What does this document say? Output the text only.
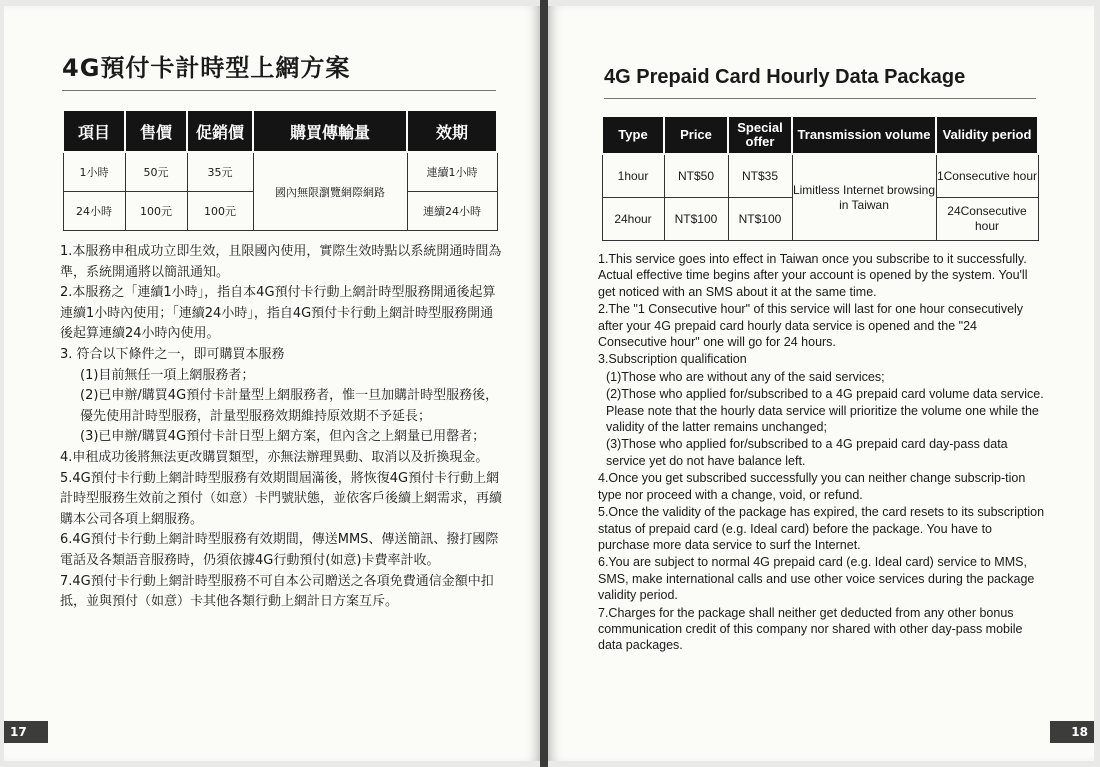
4G預付卡計時型上網方案
項目	售價	促銷價	購買傳輸量	效期
1小時	50元	35元	國內無限瀏覽網際網路	連續1小時
24小時	100元	100元		連續24小時
1.本服務申租成功立即生效，且限國內使用，實際生效時點以系統開通時間為準，系統開通將以簡訊通知。
2.本服務之「連續1小時」，指自本4G預付卡行動上網計時型服務開通後起算連續1小時內使用；「連續24小時」，指自4G預付卡行動上網計時型服務開通後起算連續24小時內使用。
3. 符合以下條件之一，即可購買本服務
(1)目前無任一項上網服務者；
(2)已申辦/購買4G預付卡計量型上網服務者，惟一旦加購計時型服務後，優先使用計時型服務，計量型服務效期維持原效期不予延長；
(3)已申辦/購買4G預付卡計日型上網方案，但內含之上網量已用罄者；
4.申租成功後將無法更改購買類型，亦無法辦理異動、取消以及折換現金。
5.4G預付卡行動上網計時型服務有效期間屆滿後，將恢復4G預付卡行動上網計時型服務生效前之預付（如意）卡門號狀態，並依客戶後續上網需求，再續購本公司各項上網服務。
6.4G預付卡行動上網計時型服務有效期間，傳送MMS、傳送簡訊、撥打國際電話及各類語音服務時，仍須依據4G行動預付(如意)卡費率計收。
7.4G預付卡行動上網計時型服務不可自本公司贈送之各項免費通信金額中扣抵，並與預付（如意）卡其他各類行動上網計日方案互斥。
17
4G Prepaid Card Hourly Data Package
Type	Price	Special offer	Transmission volume	Validity period
1hour	NT$50	NT$35	Limitless Internet browsing in Taiwan	1Consecutive hour
24hour	NT$100	NT$100		24Consecutive hour
1.This service goes into effect in Taiwan once you subscribe to it successfully. Actual effective time begins after your account is opened by the system. You'll get noticed with an SMS about it at the same time.
2.The "1 Consecutive hour" of this service will last for one hour consecutively after your 4G prepaid card hourly data service is opened and the "24 Consecutive hour" one will go for 24 hours.
3.Subscription qualification
(1)Those who are without any of the said services;
(2)Those who applied for/subscribed to a 4G prepaid card volume data service. Please note that the hourly data service will prioritize the volume one while the validity of the latter remains unchanged;
(3)Those who applied for/subscribed to a 4G prepaid card day-pass data service yet do not have balance left.
4.Once you get subscribed successfully you can neither change subscrip-tion type nor proceed with a change, void, or refund.
5.Once the validity of the package has expired, the card resets to its subscription status of prepaid card (e.g. Ideal card) before the package. You have to purchase more data service to surf the Internet.
6.You are subject to normal 4G prepaid card (e.g. Ideal card) service to MMS, SMS, make international calls and use other voice services during the package validity period.
7.Charges for the package shall neither get deducted from any other bonus communication credit of this company nor shared with other day-pass mobile data packages.
18
